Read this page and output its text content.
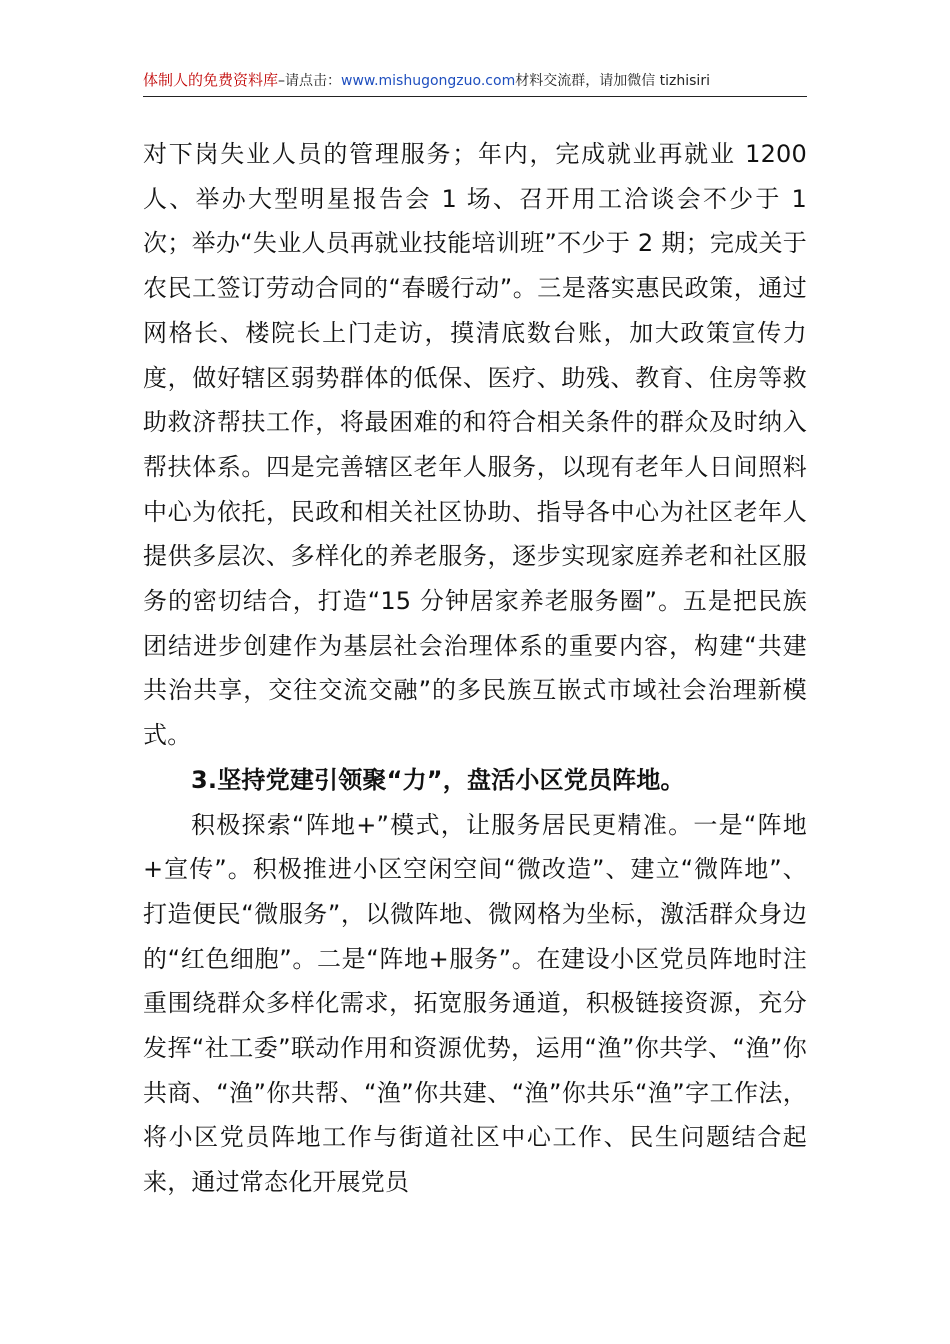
体制人的免费资料库–请点击：www.mishugongzuo.com材料交流群，请加微信 tizhisiri

对下岗失业人员的管理服务；年内，完成就业再就业 1200 人、举办大型明星报告会 1 场、召开用工洽谈会不少于 1 次；举办“失业人员再就业技能培训班”不少于 2 期；完成关于农民工签订劳动合同的“春暖行动”。三是落实惠民政策，通过网格长、楼院长上门走访，摸清底数台账，加大政策宣传力度，做好辖区弱势群体的低保、医疗、助残、教育、住房等救助救济帮扶工作，将最困难的和符合相关条件的群众及时纳入帮扶体系。四是完善辖区老年人服务，以现有老年人日间照料中心为依托，民政和相关社区协助、指导各中心为社区老年人提供多层次、多样化的养老服务，逐步实现家庭养老和社区服务的密切结合，打造“15 分钟居家养老服务圈”。五是把民族团结进步创建作为基层社会治理体系的重要内容，构建“共建共治共享，交往交流交融”的多民族互嵌式市域社会治理新模式。

3.坚持党建引领聚“力”，盘活小区党员阵地。

积极探索“阵地+”模式，让服务居民更精准。一是“阵地+宣传”。积极推进小区空闲空间“微改造”、建立“微阵地”、打造便民“微服务”，以微阵地、微网格为坐标，激活群众身边的“红色细胞”。二是“阵地+服务”。在建设小区党员阵地时注重围绕群众多样化需求，拓宽服务通道，积极链接资源，充分发挥“社工委”联动作用和资源优势，运用“渔”你共学、“渔”你共商、“渔”你共帮、“渔”你共建、“渔”你共乐“渔”字工作法，将小区党员阵地工作与街道社区中心工作、民生问题结合起来，通过常态化开展党员
